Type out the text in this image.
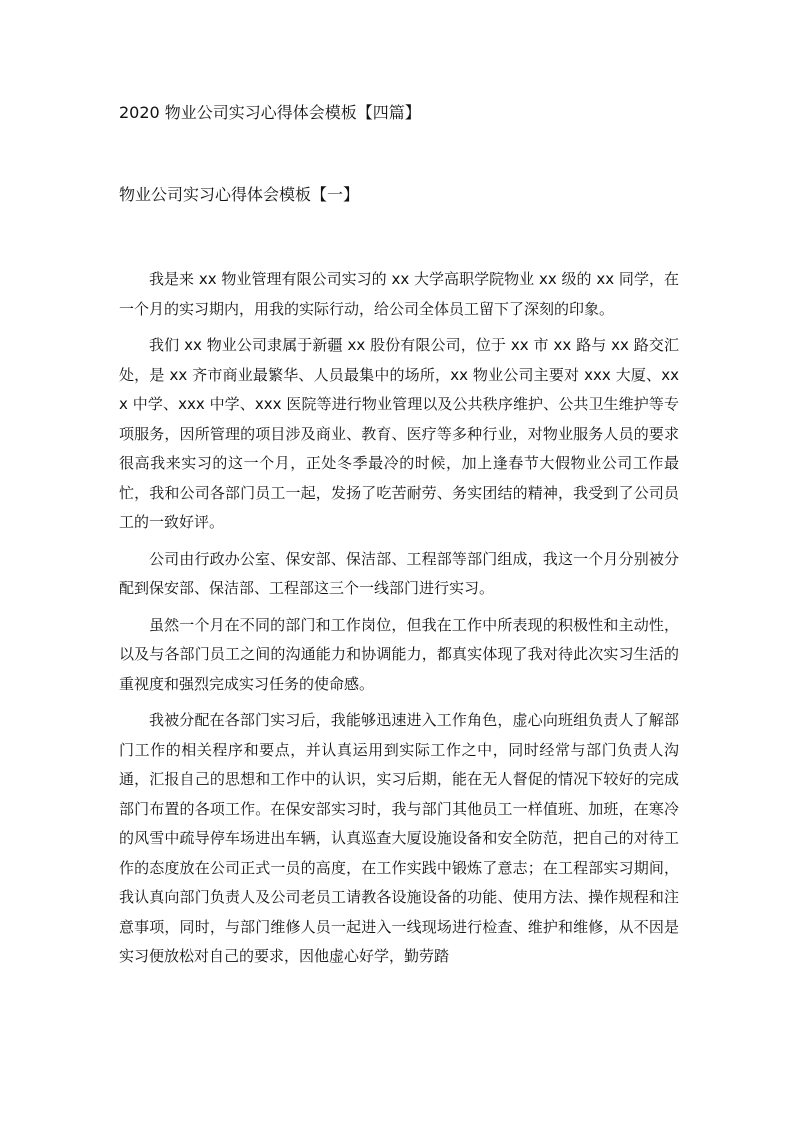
2020 物业公司实习心得体会模板【四篇】
物业公司实习心得体会模板【一】

我是来 xx 物业管理有限公司实习的 xx 大学高职学院物业 xx 级的 xx 同学，在一个月的实习期内，用我的实际行动，给公司全体员工留下了深刻的印象。

我们 xx 物业公司隶属于新疆 xx 股份有限公司，位于 xx 市 xx 路与 xx 路交汇处，是 xx 齐市商业最繁华、人员最集中的场所，xx 物业公司主要对 xxx 大厦、xxx 中学、xxx 中学、xxx 医院等进行物业管理以及公共秩序维护、公共卫生维护等专项服务，因所管理的项目涉及商业、教育、医疗等多种行业，对物业服务人员的要求很高我来实习的这一个月，正处冬季最冷的时候，加上逢春节大假物业公司工作最忙，我和公司各部门员工一起，发扬了吃苦耐劳、务实团结的精神，我受到了公司员工的一致好评。

公司由行政办公室、保安部、保洁部、工程部等部门组成，我这一个月分别被分配到保安部、保洁部、工程部这三个一线部门进行实习。

虽然一个月在不同的部门和工作岗位，但我在工作中所表现的积极性和主动性，以及与各部门员工之间的沟通能力和协调能力，都真实体现了我对待此次实习生活的重视度和强烈完成实习任务的使命感。

我被分配在各部门实习后，我能够迅速进入工作角色，虚心向班组负责人了解部门工作的相关程序和要点，并认真运用到实际工作之中，同时经常与部门负责人沟通，汇报自己的思想和工作中的认识，实习后期，能在无人督促的情况下较好的完成部门布置的各项工作。在保安部实习时，我与部门其他员工一样值班、加班，在寒冷的风雪中疏导停车场进出车辆，认真巡查大厦设施设备和安全防范，把自己的对待工作的态度放在公司正式一员的高度，在工作实践中锻炼了意志；在工程部实习期间，我认真向部门负责人及公司老员工请教各设施设备的功能、使用方法、操作规程和注意事项，同时，与部门维修人员一起进入一线现场进行检查、维护和维修，从不因是实习便放松对自己的要求，因他虚心好学，勤劳踏
